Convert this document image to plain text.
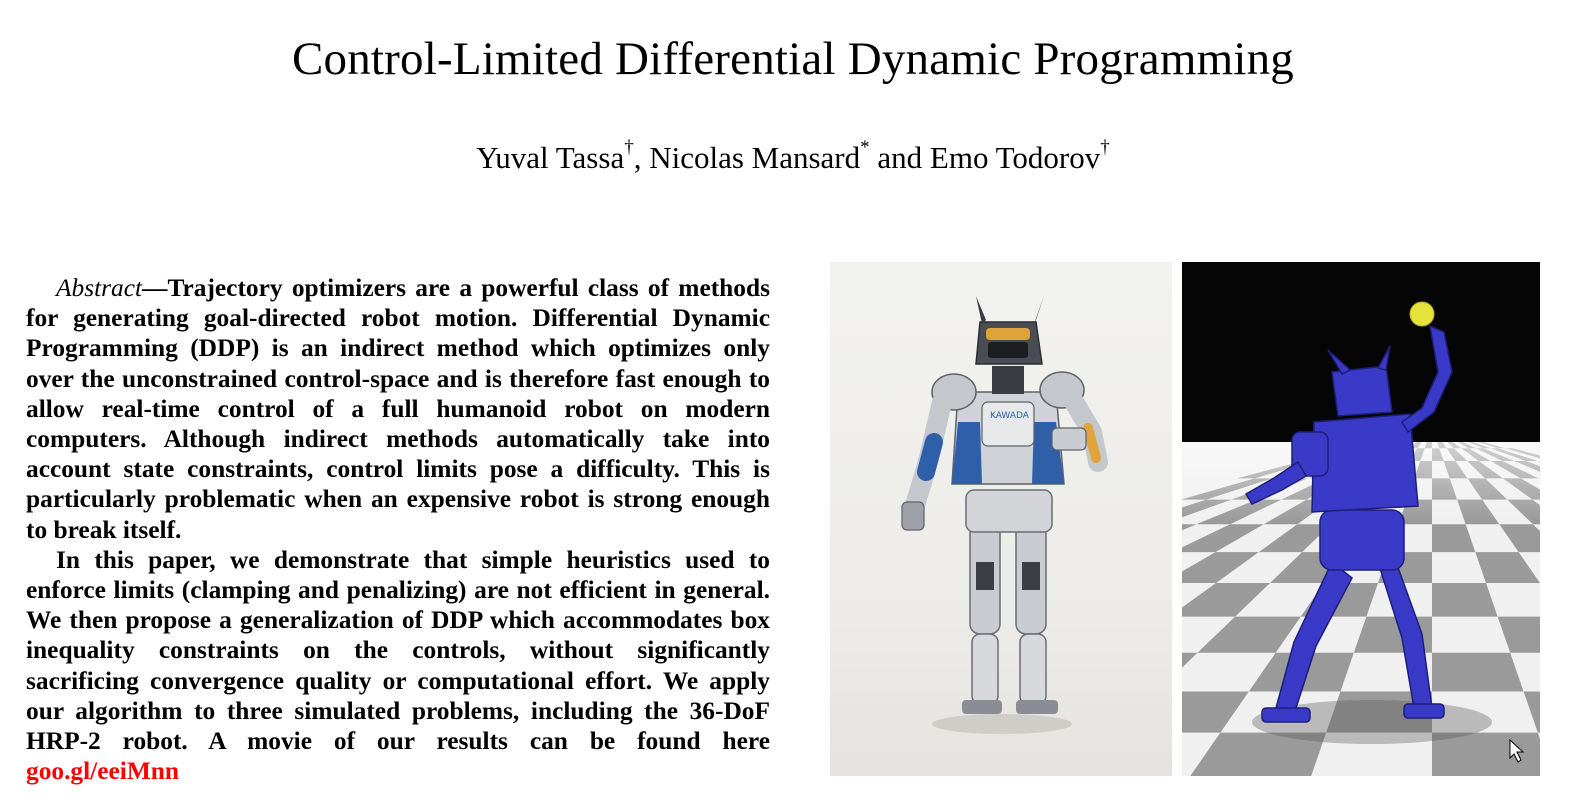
Control-Limited Differential Dynamic Programming
Yuval Tassa†, Nicolas Mansard* and Emo Todorov†

Abstract—Trajectory optimizers are a powerful class of methods for generating goal-directed robot motion. Differential Dynamic Programming (DDP) is an indirect method which optimizes only over the unconstrained control-space and is therefore fast enough to allow real-time control of a full humanoid robot on modern computers. Although indirect methods automatically take into account state constraints, control limits pose a difficulty. This is particularly problematic when an expensive robot is strong enough to break itself.

In this paper, we demonstrate that simple heuristics used to enforce limits (clamping and penalizing) are not efficient in general. We then propose a generalization of DDP which accommodates box inequality constraints on the controls, without significantly sacrificing convergence quality or computational effort. We apply our algorithm to three simulated problems, including the 36-DoF HRP-2 robot. A movie of our results can be found here goo.gl/eeiMnn

KAWADA
